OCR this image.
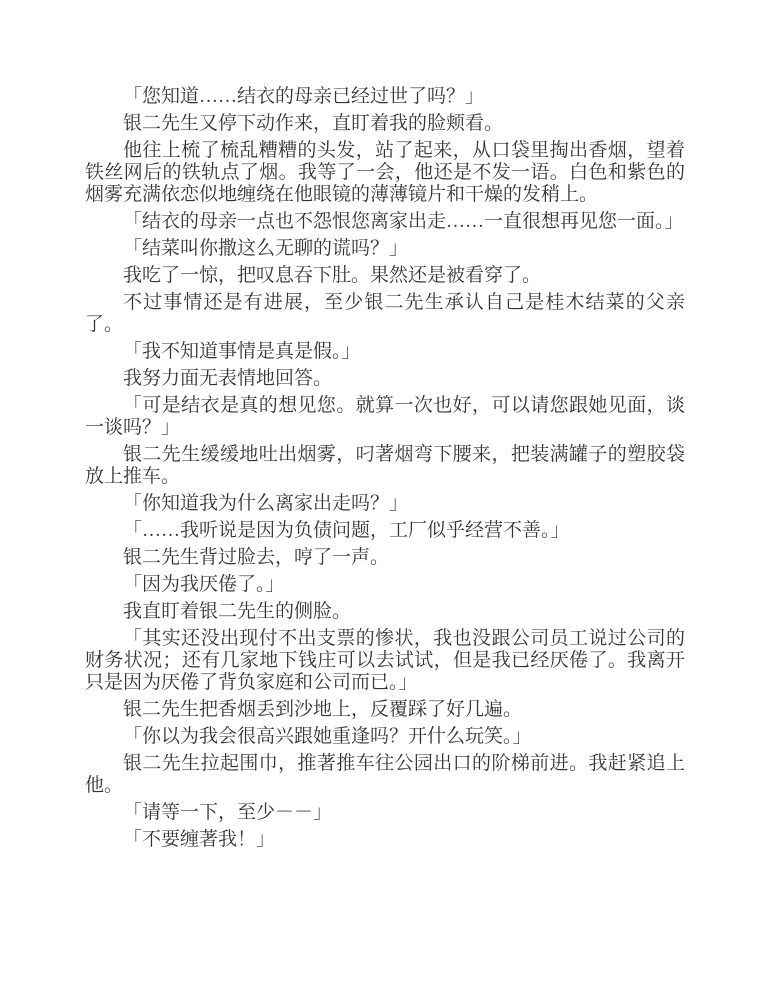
「您知道……结衣的母亲已经过世了吗？」

银二先生又停下动作来，直盯着我的脸颊看。

他往上梳了梳乱糟糟的头发，站了起来，从口袋里掏出香烟，望着铁丝网后的铁轨点了烟。我等了一会，他还是不发一语。白色和紫色的烟雾充满依恋似地缠绕在他眼镜的薄薄镜片和干燥的发稍上。

「结衣的母亲一点也不怨恨您离家出走……一直很想再见您一面。」

「结菜叫你撒这么无聊的谎吗？」

我吃了一惊，把叹息吞下肚。果然还是被看穿了。

不过事情还是有进展，至少银二先生承认自己是桂木结菜的父亲了。

「我不知道事情是真是假。」

我努力面无表情地回答。

「可是结衣是真的想见您。就算一次也好，可以请您跟她见面，谈一谈吗？」

银二先生缓缓地吐出烟雾，叼著烟弯下腰来，把装满罐子的塑胶袋放上推车。

「你知道我为什么离家出走吗？」

「……我听说是因为负债问题，工厂似乎经营不善。」

银二先生背过脸去，哼了一声。

「因为我厌倦了。」

我直盯着银二先生的侧脸。

「其实还没出现付不出支票的惨状，我也没跟公司员工说过公司的财务状况；还有几家地下钱庄可以去试试，但是我已经厌倦了。我离开只是因为厌倦了背负家庭和公司而已。」

银二先生把香烟丢到沙地上，反覆踩了好几遍。

「你以为我会很高兴跟她重逢吗？开什么玩笑。」

银二先生拉起围巾，推著推车往公园出口的阶梯前进。我赶紧追上他。

「请等一下，至少－－」

「不要缠著我！」
